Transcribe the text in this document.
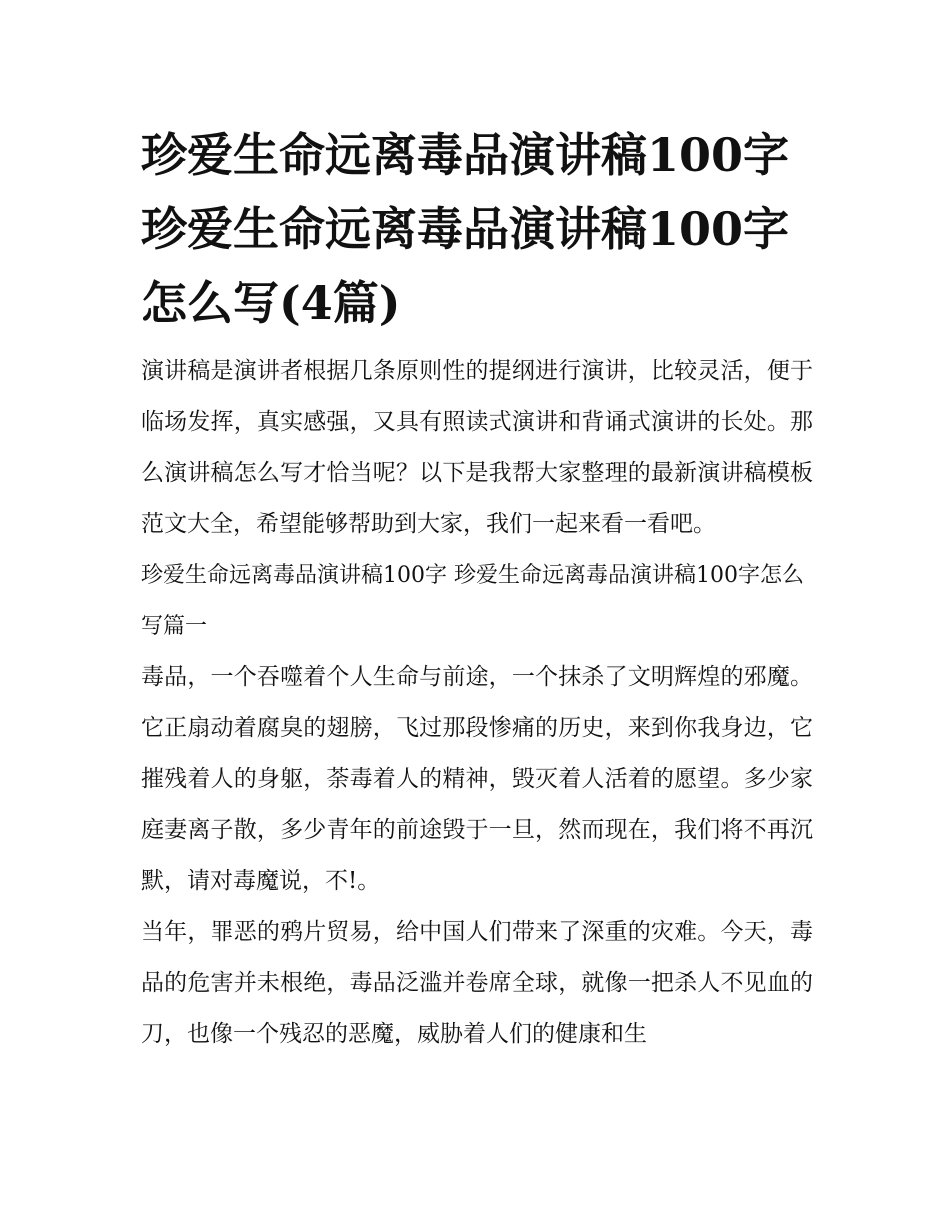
珍爱生命远离毒品演讲稿100字 珍爱生命远离毒品演讲稿100字怎么写(4篇)

演讲稿是演讲者根据几条原则性的提纲进行演讲，比较灵活，便于临场发挥，真实感强，又具有照读式演讲和背诵式演讲的长处。那么演讲稿怎么写才恰当呢？以下是我帮大家整理的最新演讲稿模板范文大全，希望能够帮助到大家，我们一起来看一看吧。

珍爱生命远离毒品演讲稿100字 珍爱生命远离毒品演讲稿100字怎么写篇一

毒品，一个吞噬着个人生命与前途，一个抹杀了文明辉煌的邪魔。它正扇动着腐臭的翅膀，飞过那段惨痛的历史，来到你我身边，它摧残着人的身躯，荼毒着人的精神，毁灭着人活着的愿望。多少家庭妻离子散，多少青年的前途毁于一旦，然而现在，我们将不再沉默，请对毒魔说，不!。

当年，罪恶的鸦片贸易，给中国人们带来了深重的灾难。今天，毒品的危害并未根绝，毒品泛滥并卷席全球，就像一把杀人不见血的刀，也像一个残忍的恶魔，威胁着人们的健康和生
